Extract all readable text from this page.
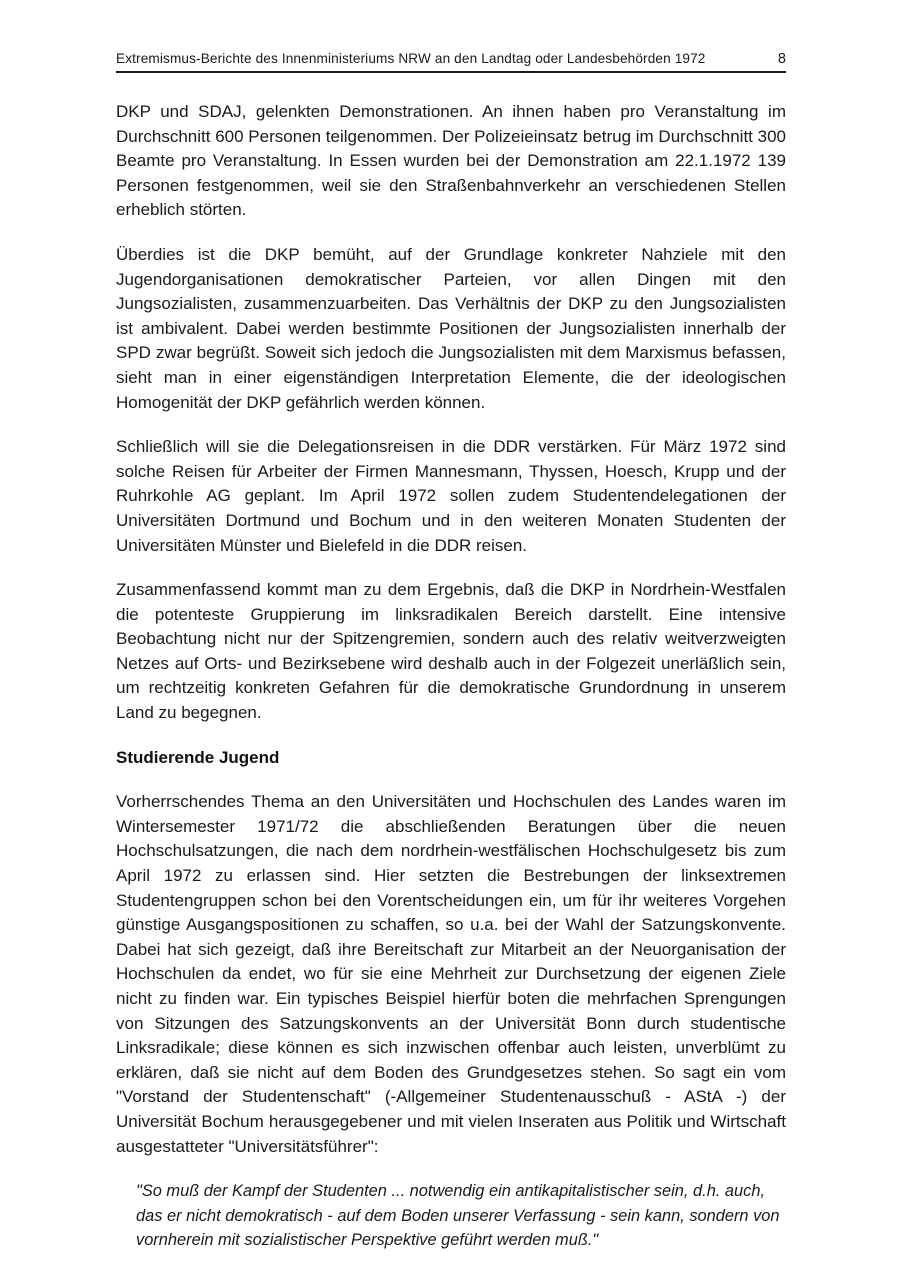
Extremismus-Berichte des Innenministeriums NRW an den Landtag oder Landesbehörden 1972	8

DKP und SDAJ, gelenkten Demonstrationen. An ihnen haben pro Veranstaltung im Durchschnitt 600 Personen teilgenommen. Der Polizeieinsatz betrug im Durchschnitt 300 Beamte pro Veranstaltung. In Essen wurden bei der Demonstration am 22.1.1972 139 Personen festgenommen, weil sie den Straßenbahnverkehr an verschiedenen Stellen erheblich störten.

Überdies ist die DKP bemüht, auf der Grundlage konkreter Nahziele mit den Jugendorganisationen demokratischer Parteien, vor allen Dingen mit den Jungsozialisten, zusammenzuarbeiten. Das Verhältnis der DKP zu den Jungsozialisten ist ambivalent. Dabei werden bestimmte Positionen der Jungsozialisten innerhalb der SPD zwar begrüßt. Soweit sich jedoch die Jungsozialisten mit dem Marxismus befassen, sieht man in einer eigenständigen Interpretation Elemente, die der ideologischen Homogenität der DKP gefährlich werden können.

Schließlich will sie die Delegationsreisen in die DDR verstärken. Für März 1972 sind solche Reisen für Arbeiter der Firmen Mannesmann, Thyssen, Hoesch, Krupp und der Ruhrkohle AG geplant. Im April 1972 sollen zudem Studentendelegationen der Universitäten Dortmund und Bochum und in den weiteren Monaten Studenten der Universitäten Münster und Bielefeld in die DDR reisen.

Zusammenfassend kommt man zu dem Ergebnis, daß die DKP in Nordrhein-Westfalen die potenteste Gruppierung im linksradikalen Bereich darstellt. Eine intensive Beobachtung nicht nur der Spitzengremien, sondern auch des relativ weitverzweigten Netzes auf Orts- und Bezirksebene wird deshalb auch in der Folgezeit unerläßlich sein, um rechtzeitig konkreten Gefahren für die demokratische Grundordnung in unserem Land zu begegnen.

Studierende Jugend

Vorherrschendes Thema an den Universitäten und Hochschulen des Landes waren im Wintersemester 1971/72 die abschließenden Beratungen über die neuen Hochschulsatzungen, die nach dem nordrhein-westfälischen Hochschulgesetz bis zum April 1972 zu erlassen sind. Hier setzten die Bestrebungen der linksextremen Studentengruppen schon bei den Vorentscheidungen ein, um für ihr weiteres Vorgehen günstige Ausgangspositionen zu schaffen, so u.a. bei der Wahl der Satzungskonvente. Dabei hat sich gezeigt, daß ihre Bereitschaft zur Mitarbeit an der Neuorganisation der Hochschulen da endet, wo für sie eine Mehrheit zur Durchsetzung der eigenen Ziele nicht zu finden war. Ein typisches Beispiel hierfür boten die mehrfachen Sprengungen von Sitzungen des Satzungskonvents an der Universität Bonn durch studentische Linksradikale; diese können es sich inzwischen offenbar auch leisten, unverblümt zu erklären, daß sie nicht auf dem Boden des Grundgesetzes stehen. So sagt ein vom "Vorstand der Studentenschaft" (-Allgemeiner Studentenausschuß - AStA -) der Universität Bochum herausgegebener und mit vielen Inseraten aus Politik und Wirtschaft ausgestatteter "Universitätsführer":

"So muß der Kampf der Studenten ... notwendig ein antikapitalistischer sein, d.h. auch, das er nicht demokratisch - auf dem Boden unserer Verfassung - sein kann, sondern von vornherein mit sozialistischer Perspektive geführt werden muß."
